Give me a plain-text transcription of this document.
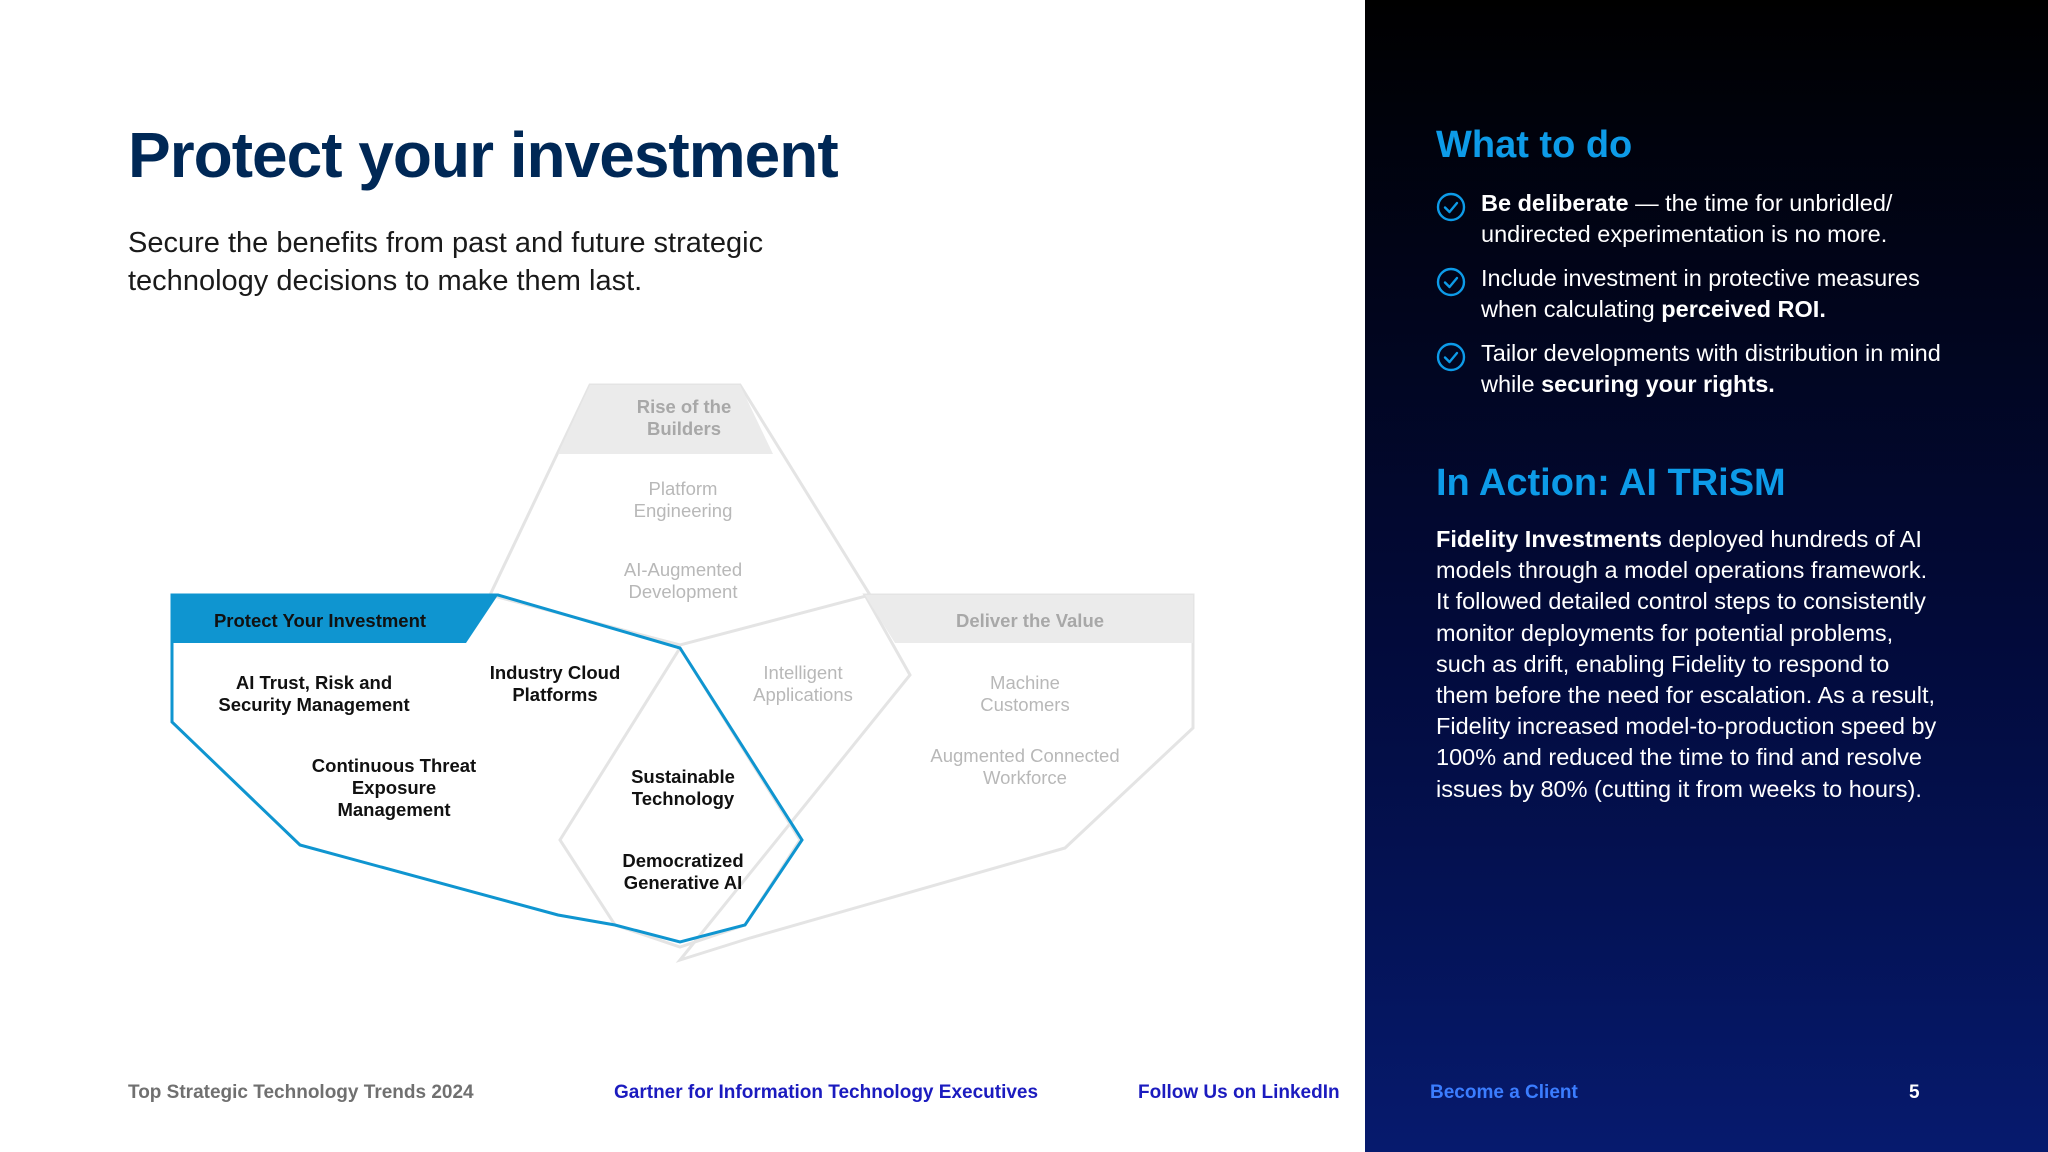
Protect your investment

Secure the benefits from past and future strategic technology decisions to make them last.

Protect Your Investment
Rise of the Builders
Deliver the Value
AI Trust, Risk and Security Management
Continuous Threat Exposure Management
Industry Cloud Platforms
Sustainable Technology
Democratized Generative AI
Platform Engineering
AI-Augmented Development
Intelligent Applications
Machine Customers
Augmented Connected Workforce
Top Strategic Technology Trends 2024	Gartner for Information Technology Executives	Follow Us on LinkedIn
What to do
Be deliberate — the time for unbridled/ undirected experimentation is no more.
Include investment in protective measures when calculating perceived ROI.
Tailor developments with distribution in mind while securing your rights.
In Action: AI TRiSM

Fidelity Investments deployed hundreds of AI models through a model operations framework. It followed detailed control steps to consistently monitor deployments for potential problems, such as drift, enabling Fidelity to respond to them before the need for escalation. As a result, Fidelity increased model-to-production speed by 100% and reduced the time to find and resolve issues by 80% (cutting it from weeks to hours).

Become a Client	5
